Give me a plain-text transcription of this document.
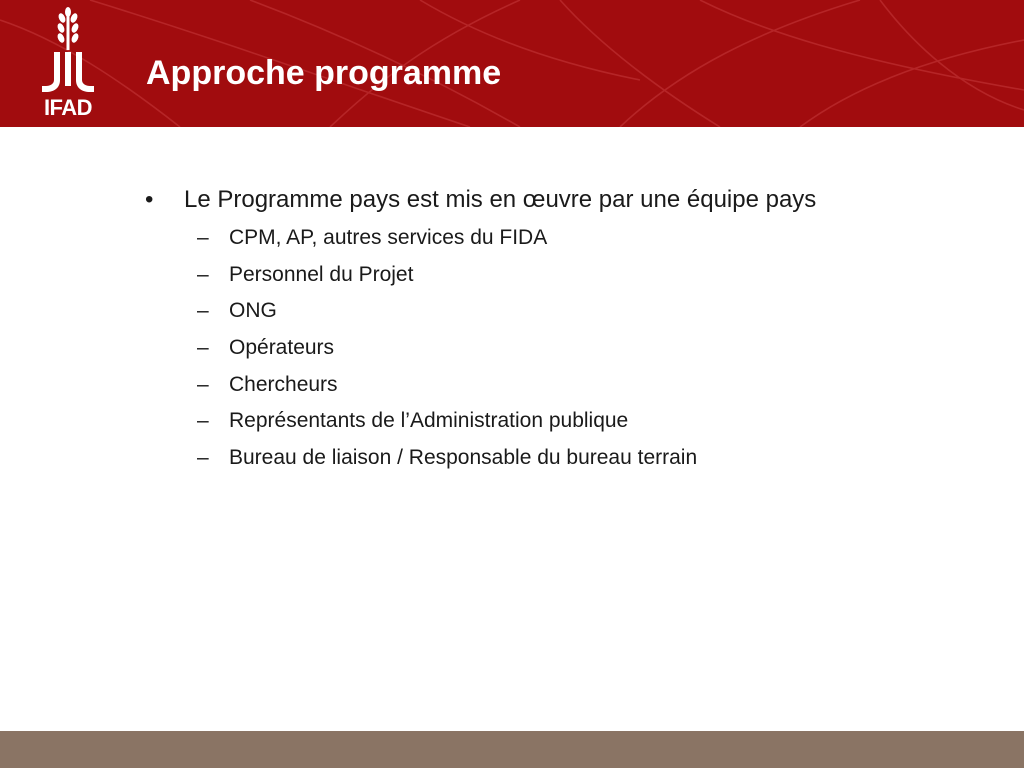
IFAD
Approche programme
• Le Programme pays est mis en œuvre par une équipe pays
– CPM, AP, autres services du FIDA
– Personnel du Projet
– ONG
– Opérateurs
– Chercheurs
– Représentants de l’Administration publique
– Bureau de liaison / Responsable du bureau terrain
